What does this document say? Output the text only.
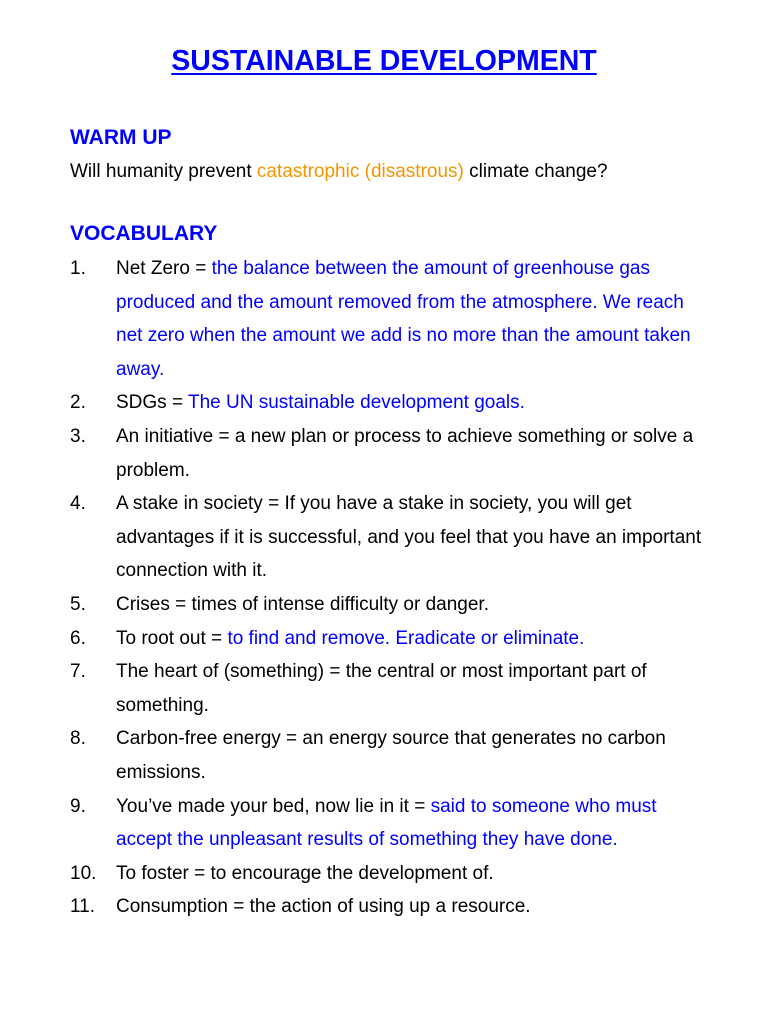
SUSTAINABLE DEVELOPMENT
WARM UP

Will humanity prevent catastrophic (disastrous) climate change?

VOCABULARY
1.	Net Zero = the balance between the amount of greenhouse gas produced and the amount removed from the atmosphere. We reach net zero when the amount we add is no more than the amount taken away.
2.	SDGs = The UN sustainable development goals.
3.	An initiative = a new plan or process to achieve something or solve a problem.
4.	A stake in society = If you have a stake in society, you will get advantages if it is successful, and you feel that you have an important connection with it.
5.	Crises = times of intense difficulty or danger.
6.	To root out = to find and remove. Eradicate or eliminate.
7.	The heart of (something) = the central or most important part of something.
8.	Carbon-free energy = an energy source that generates no carbon emissions.
9.	You’ve made your bed, now lie in it = said to someone who must accept the unpleasant results of something they have done.
10.	To foster = to encourage the development of.
11.	Consumption = the action of using up a resource.
